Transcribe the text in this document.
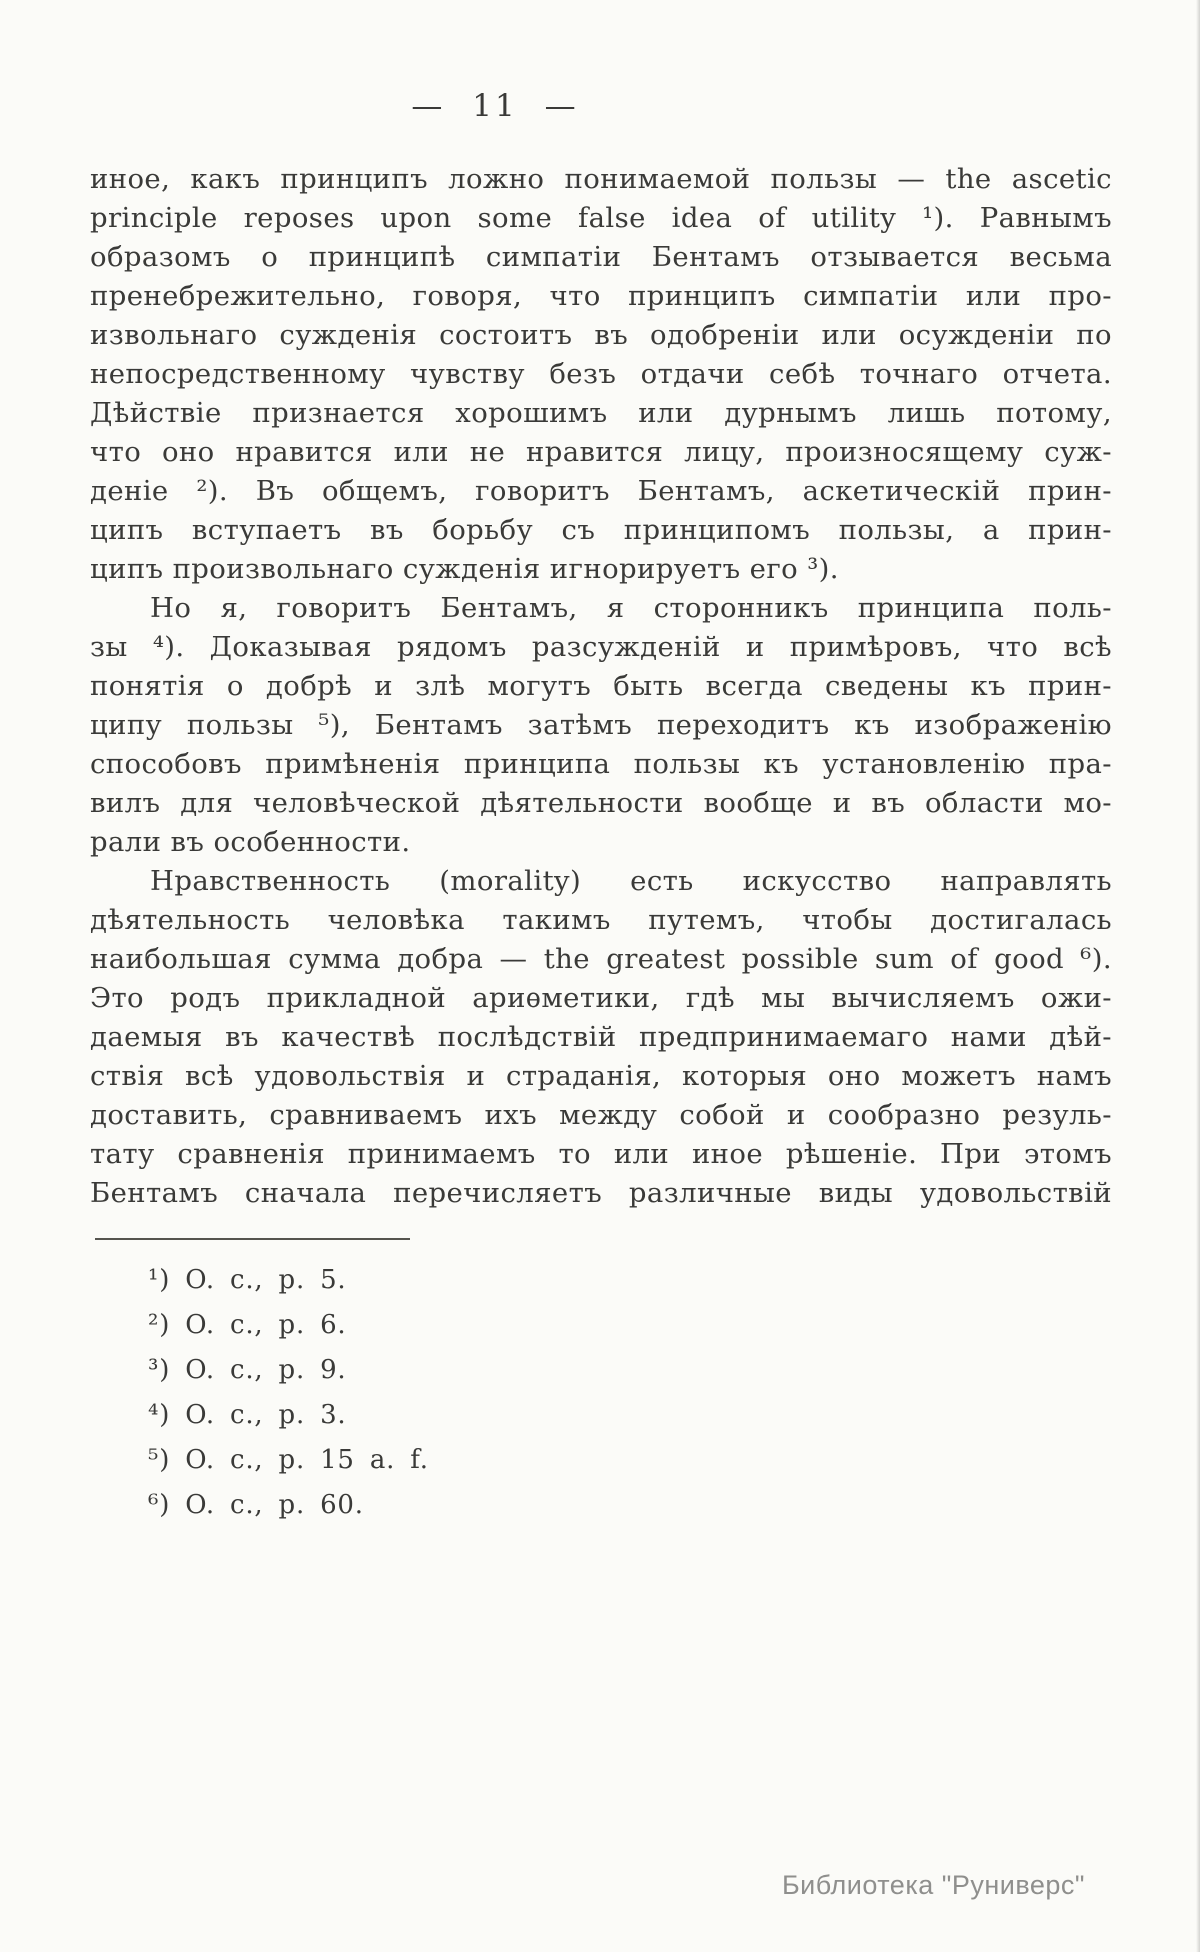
— 11 —
иное, какъ принципъ ложно понимаемой пользы — the ascetic
principle reposes upon some false idea of utility ¹). Равнымъ
образомъ о принципѣ симпатіи Бентамъ отзывается весьма
пренебрежительно, говоря, что принципъ симпатіи или про-
извольнаго сужденія состоитъ въ одобреніи или осужденіи по
непосредственному чувству безъ отдачи себѣ точнаго отчета.
Дѣйствіе признается хорошимъ или дурнымъ лишь потому,
что оно нравится или не нравится лицу, произносящему суж-
деніе ²). Въ общемъ, говоритъ Бентамъ, аскетическій прин-
ципъ вступаетъ въ борьбу съ принципомъ пользы, а прин-
ципъ произвольнаго сужденія игнорируетъ его ³).
Но я, говоритъ Бентамъ, я сторонникъ принципа поль-
зы ⁴). Доказывая рядомъ разсужденій и примѣровъ, что всѣ
понятія о добрѣ и злѣ могутъ быть всегда сведены къ прин-
ципу пользы ⁵), Бентамъ затѣмъ переходитъ къ изображенію
способовъ примѣненія принципа пользы къ установленію пра-
вилъ для человѣческой дѣятельности вообще и въ области мо-
рали въ особенности.
Нравственность (morality) есть искусство направлять
дѣятельность человѣка такимъ путемъ, чтобы достигалась
наибольшая сумма добра — the greatest possible sum of good ⁶).
Это родъ прикладной ариѳметики, гдѣ мы вычисляемъ ожи-
даемыя въ качествѣ послѣдствій предпринимаемаго нами дѣй-
ствія всѣ удовольствія и страданія, которыя оно можетъ намъ
доставить, сравниваемъ ихъ между собой и сообразно резуль-
тату сравненія принимаемъ то или иное рѣшеніе. При этомъ
Бентамъ сначала перечисляетъ различные виды удовольствій
¹) O. c., p. 5.
²) O. c., p. 6.
³) O. c., p. 9.
⁴) O. c., p. 3.
⁵) O. c., p. 15 a. f.
⁶) O. c., p. 60.
Библиотека "Руниверс"
